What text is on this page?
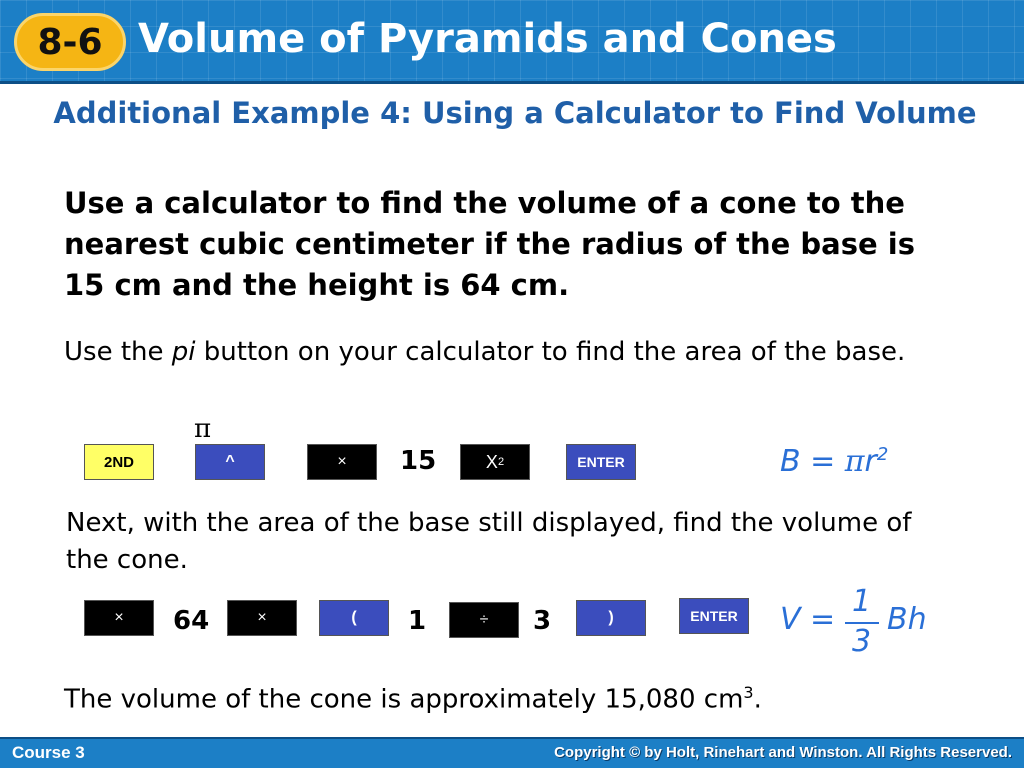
8-6 Volume of Pyramids and Cones
Additional Example 4: Using a Calculator to Find Volume
Use a calculator to find the volume of a cone to the nearest cubic centimeter if the radius of the base is 15 cm and the height is 64 cm.
Use the pi button on your calculator to find the area of the base.
π
2ND	^	×	15	X 2	ENTER	$B = \pi r^2$
Next, with the area of the base still displayed, find the volume of the cone.
×	64	×	(	1	÷	3	)	ENTER	V =
1
3
Bh
The volume of the cone is approximately 15,080 $cm^3$.
Course 3	Copyright © by Holt, Rinehart and Winston. All Rights Reserved.
